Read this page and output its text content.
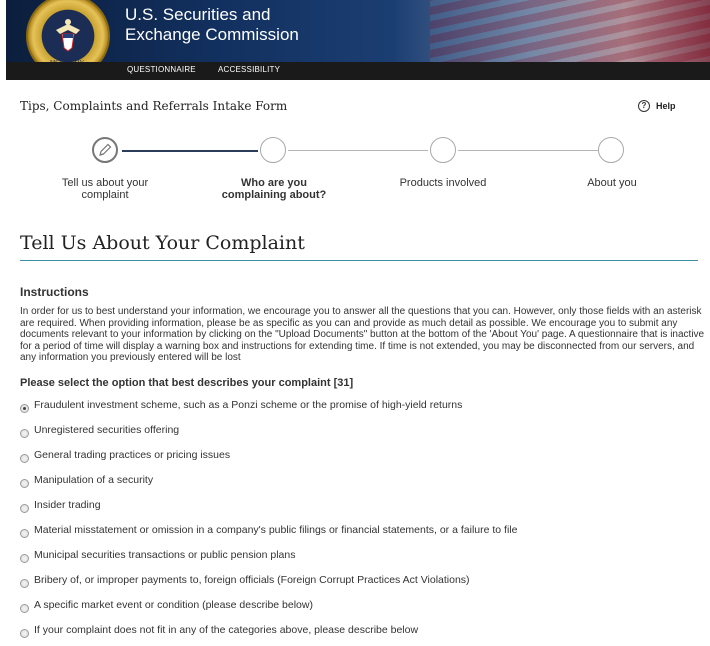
U.S. Securities and
Exchange Commission
QUESTIONNAIRE	ACCESSIBILITY
Tips, Complaints and Referrals Intake Form	?	Help
Tell us about your
complaint
Who are you
complaining about?
Products involved	About you
Tell Us About Your Complaint
Instructions
In order for us to best understand your information, we encourage you to answer all the questions that you can. However, only those fields with an asterisk are required. When providing information, please be as specific as you can and provide as much detail as possible. We encourage you to submit any documents relevant to your information by clicking on the "Upload Documents" button at the bottom of the 'About You' page. A questionnaire that is inactive for a period of time will display a warning box and instructions for extending time. If time is not extended, you may be disconnected from our servers, and any information you previously entered will be lost
Please select the option that best describes your complaint [31]
Fraudulent investment scheme, such as a Ponzi scheme or the promise of high-yield returns
Unregistered securities offering
General trading practices or pricing issues
Manipulation of a security
Insider trading
Material misstatement or omission in a company's public filings or financial statements, or a failure to file
Municipal securities transactions or public pension plans
Bribery of, or improper payments to, foreign officials (Foreign Corrupt Practices Act Violations)
A specific market event or condition (please describe below)
If your complaint does not fit in any of the categories above, please describe below
